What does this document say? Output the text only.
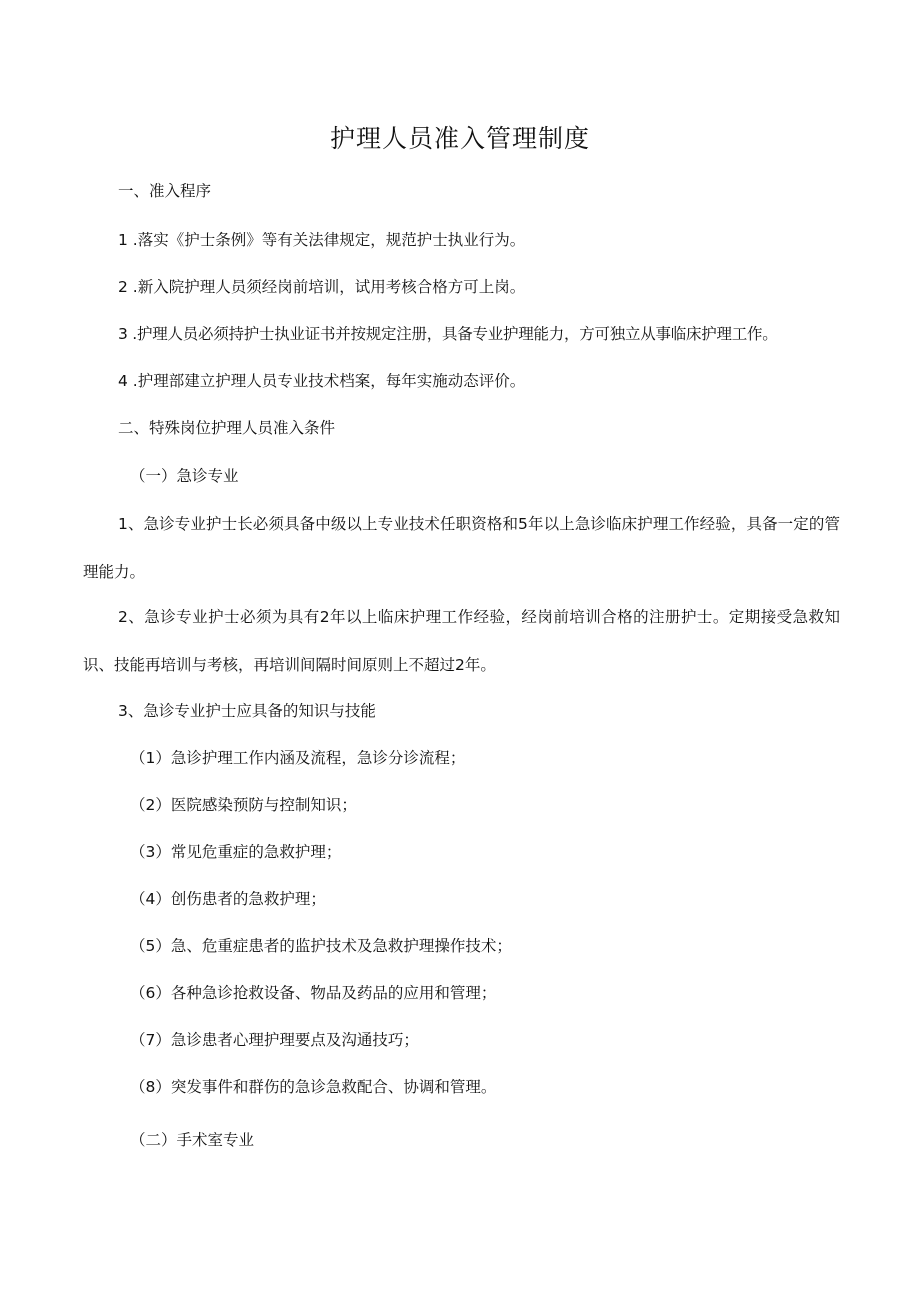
护理人员准入管理制度
一、准入程序
1 .落实《护士条例》等有关法律规定，规范护士执业行为。
2 .新入院护理人员须经岗前培训，试用考核合格方可上岗。
3 .护理人员必须持护士执业证书并按规定注册，具备专业护理能力，方可独立从事临床护理工作。
4 .护理部建立护理人员专业技术档案，每年实施动态评价。
二、特殊岗位护理人员准入条件
（一）急诊专业
1、急诊专业护士长必须具备中级以上专业技术任职资格和5年以上急诊临床护理工作经验，具备一定的管理能力。
2、急诊专业护士必须为具有2年以上临床护理工作经验，经岗前培训合格的注册护士。定期接受急救知识、技能再培训与考核，再培训间隔时间原则上不超过2年。
3、急诊专业护士应具备的知识与技能
（1）急诊护理工作内涵及流程，急诊分诊流程；
（2）医院感染预防与控制知识；
（3）常见危重症的急救护理；
（4）创伤患者的急救护理；
（5）急、危重症患者的监护技术及急救护理操作技术；
（6）各种急诊抢救设备、物品及药品的应用和管理；
（7）急诊患者心理护理要点及沟通技巧；
（8）突发事件和群伤的急诊急救配合、协调和管理。
（二）手术室专业
